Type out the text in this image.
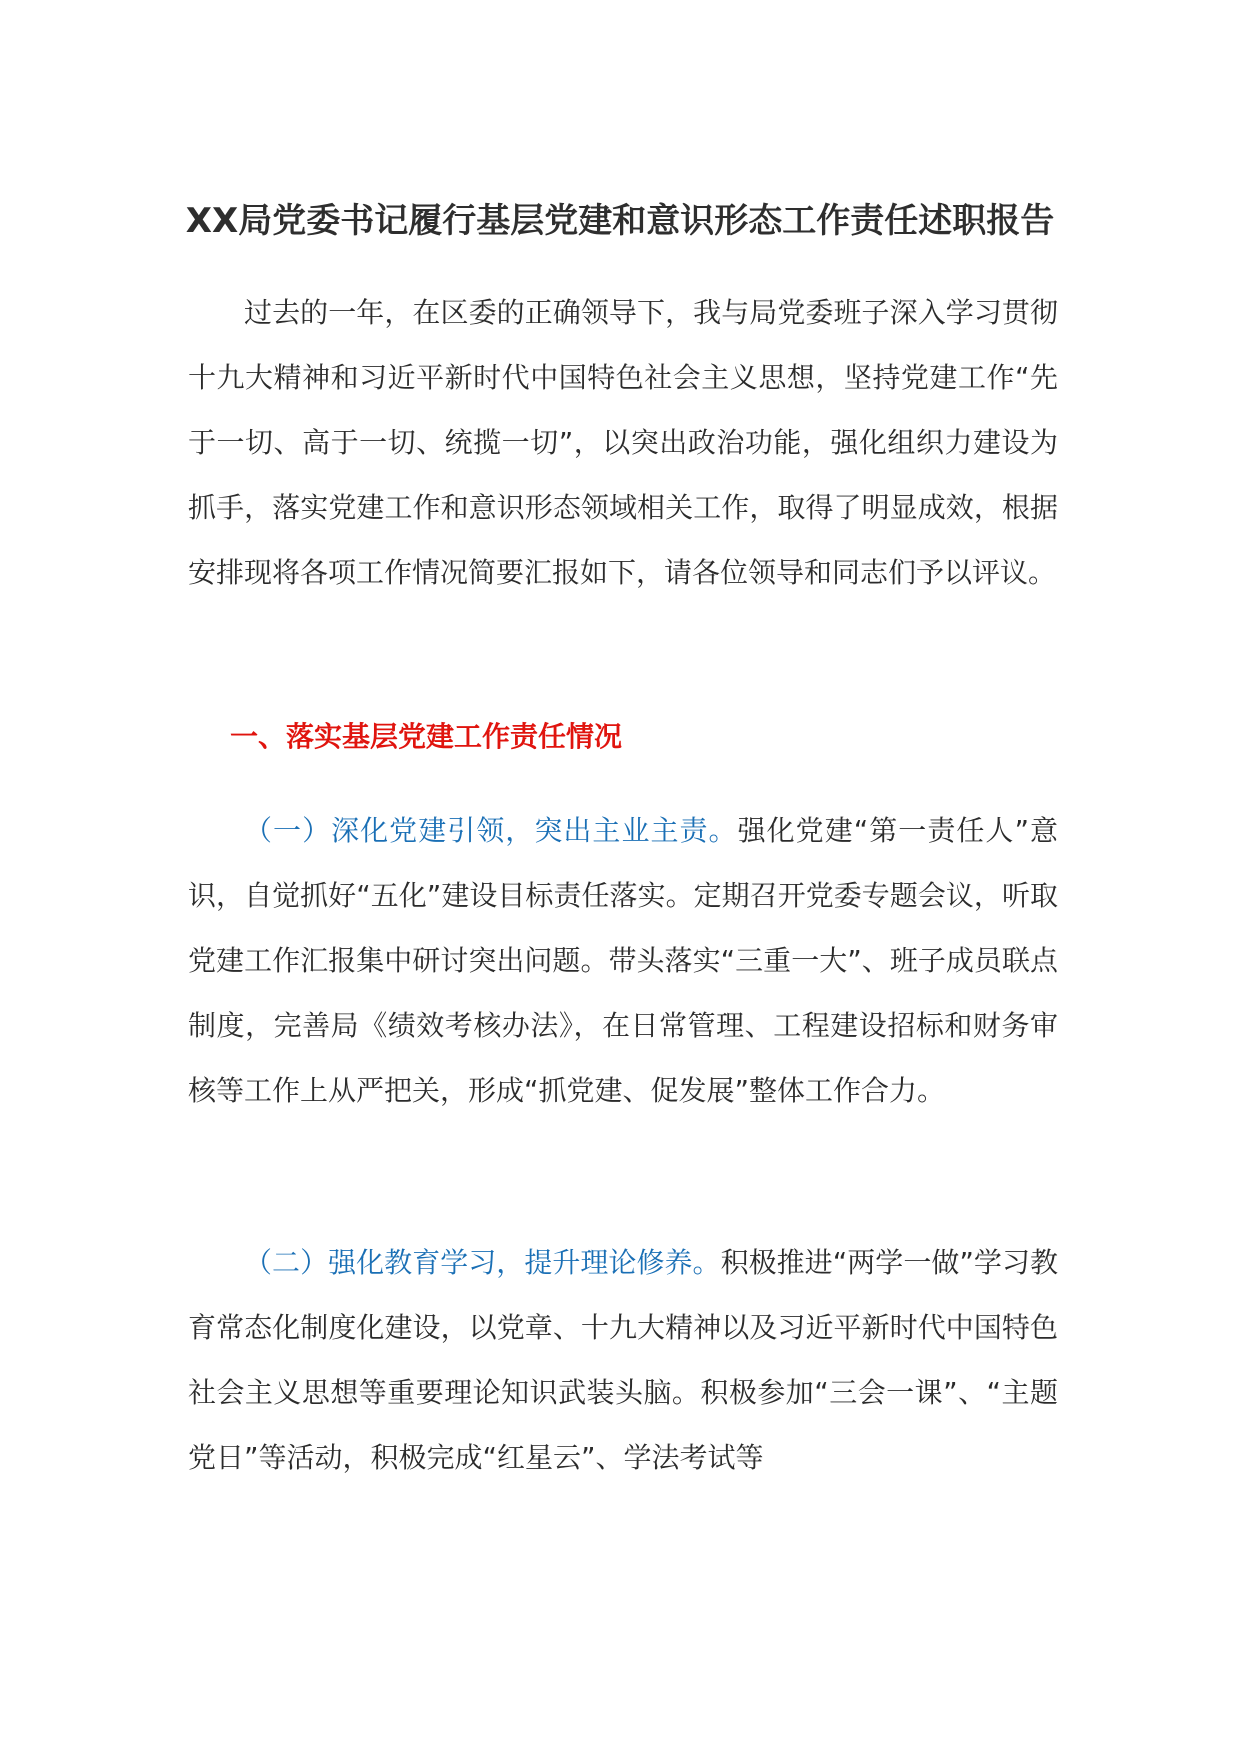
XX局党委书记履行基层党建和意识形态工作责任述职报告

过去的一年，在区委的正确领导下，我与局党委班子深入学习贯彻十九大精神和习近平新时代中国特色社会主义思想，坚持党建工作“先于一切、高于一切、统揽一切”，以突出政治功能，强化组织力建设为抓手，落实党建工作和意识形态领域相关工作，取得了明显成效，根据安排现将各项工作情况简要汇报如下，请各位领导和同志们予以评议。

一、落实基层党建工作责任情况

（一）深化党建引领，突出主业主责。强化党建“第一责任人”意识，自觉抓好“五化”建设目标责任落实。定期召开党委专题会议，听取党建工作汇报集中研讨突出问题。带头落实“三重一大”、班子成员联点制度，完善局《绩效考核办法》，在日常管理、工程建设招标和财务审核等工作上从严把关，形成“抓党建、促发展”整体工作合力。

（二）强化教育学习，提升理论修养。积极推进“两学一做”学习教育常态化制度化建设，以党章、十九大精神以及习近平新时代中国特色社会主义思想等重要理论知识武装头脑。积极参加“三会一课”、“主题党日”等活动，积极完成“红星云”、学法考试等
